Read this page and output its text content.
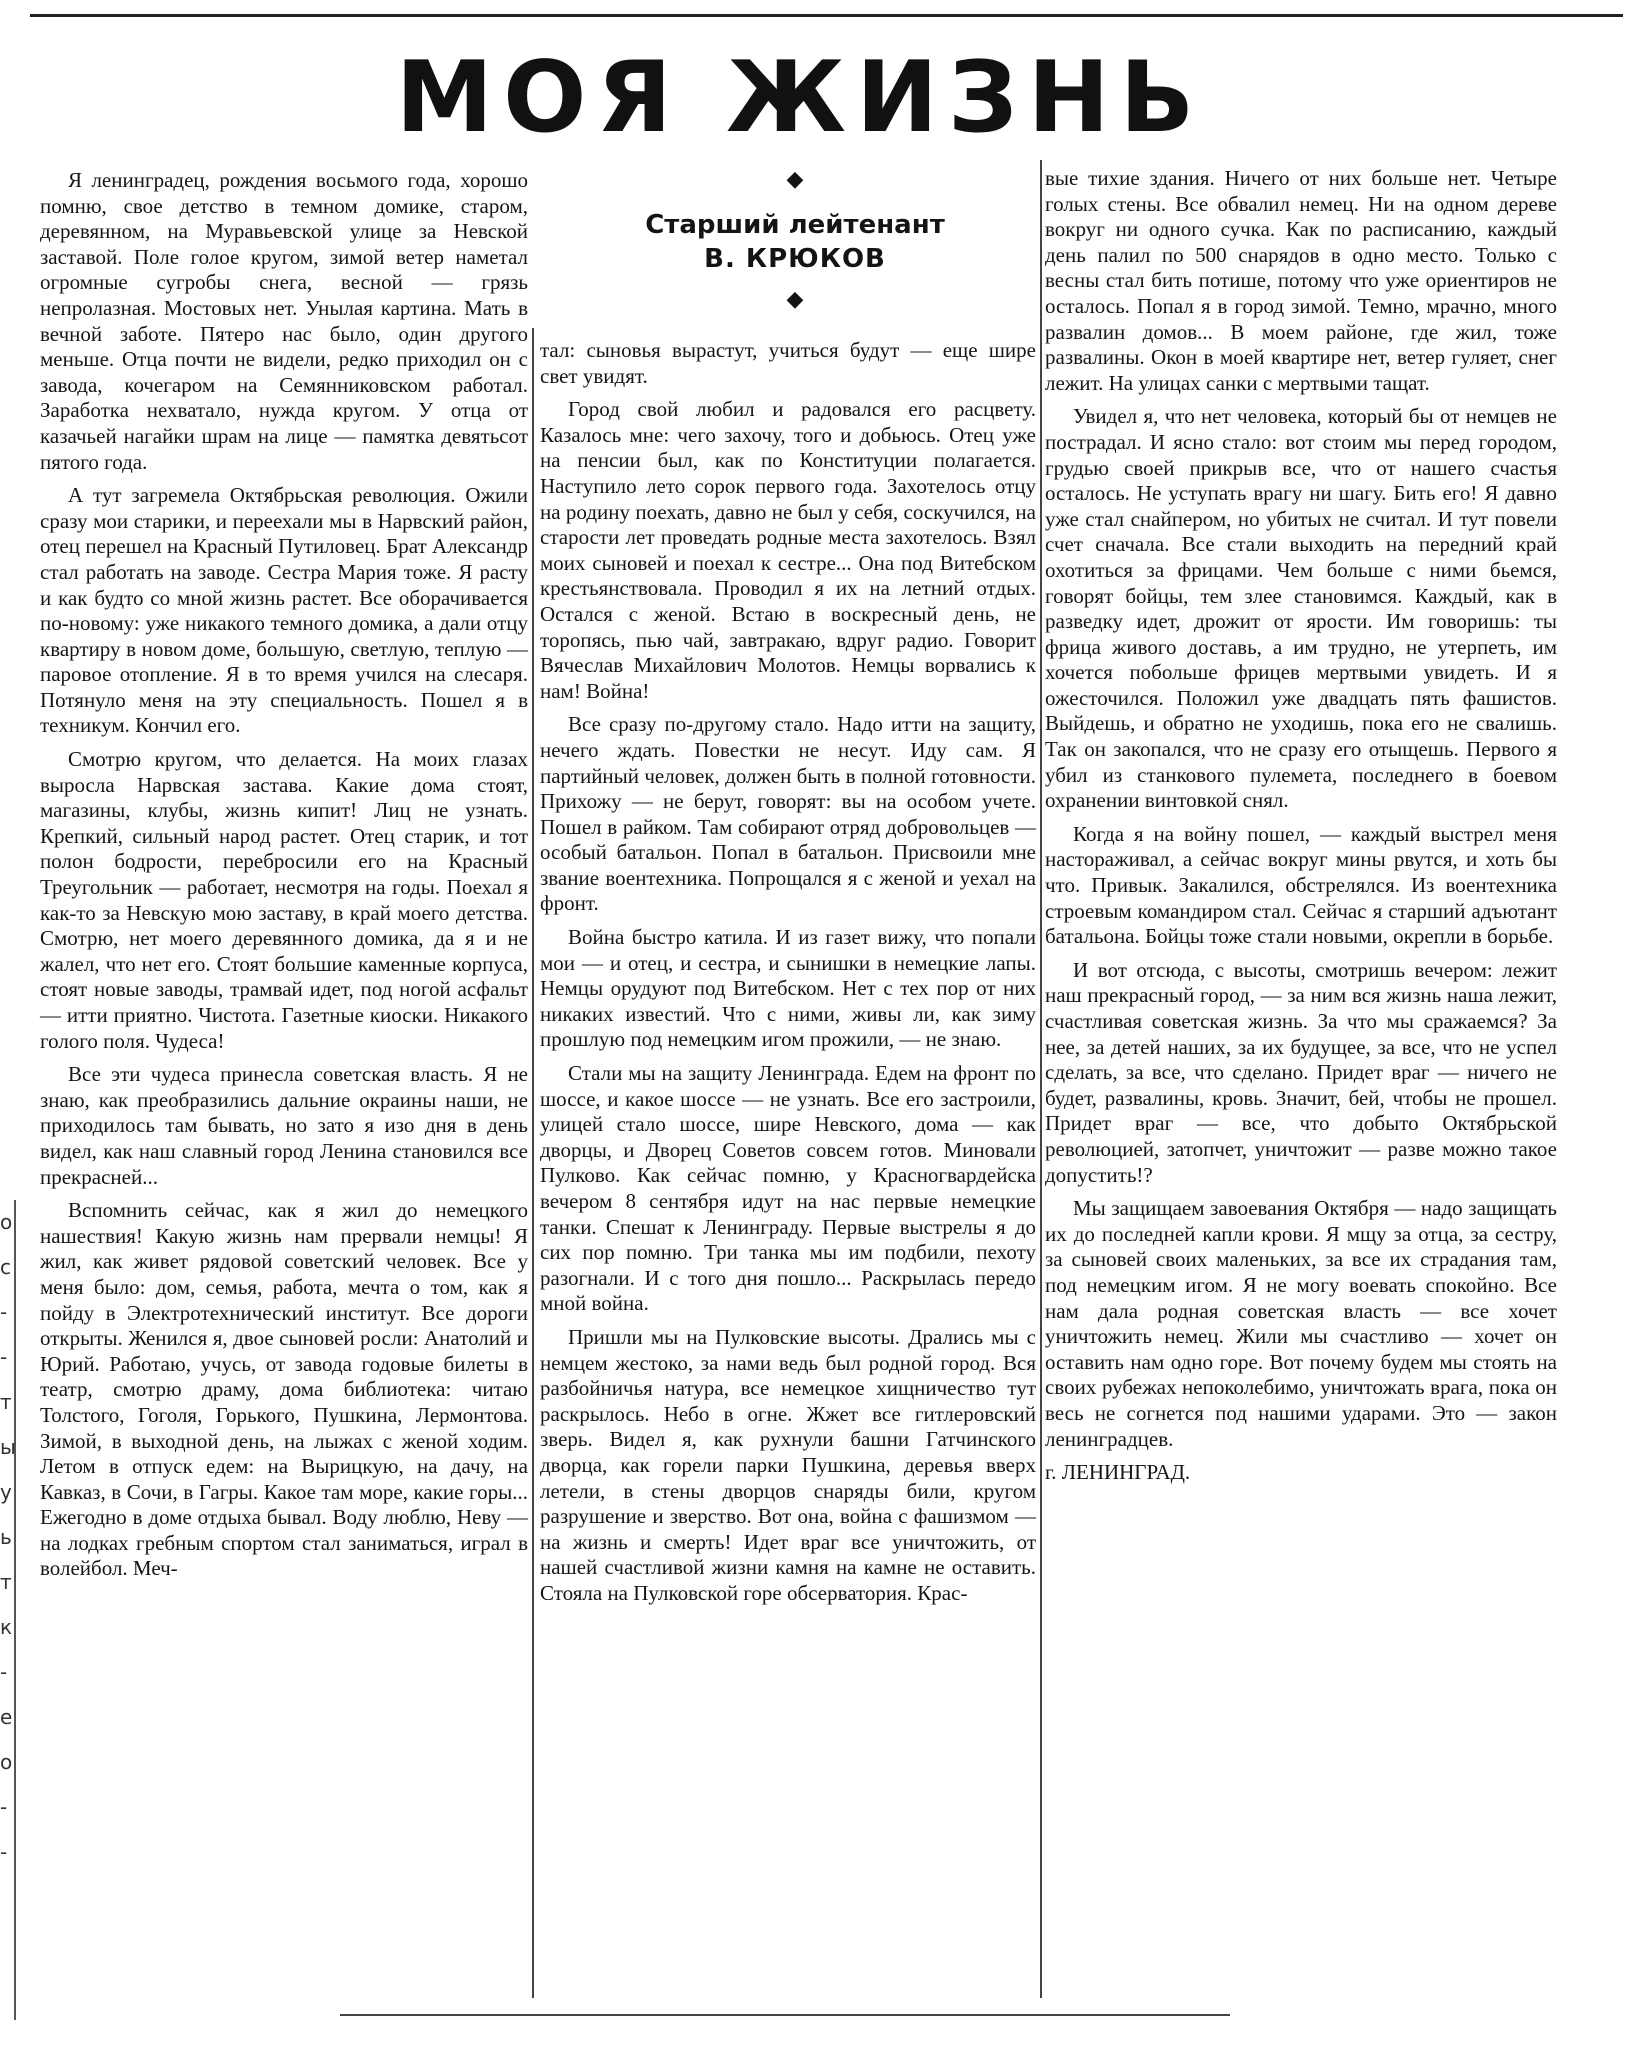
о
с
-
-
т
ы
у
ь
т
к
-
е
о
-
-
МОЯ ЖИЗНЬ
◆
Старший лейтенант
В. КРЮКОВ
◆

Я ленинградец, рождения восьмого года, хорошо помню, свое детство в темном домике, старом, деревянном, на Муравьевской улице за Невской заставой. Поле голое кругом, зимой ветер наметал огромные сугробы снега, весной — грязь непролазная. Мостовых нет. Унылая картина. Мать в вечной заботе. Пятеро нас было, один другого меньше. Отца почти не видели, редко приходил он с завода, кочегаром на Семянниковском работал. Заработка нехватало, нужда кругом. У отца от казачьей нагайки шрам на лице — памятка девятьсот пятого года.

А тут загремела Октябрьская революция. Ожили сразу мои старики, и переехали мы в Нарвский район, отец перешел на Красный Путиловец. Брат Александр стал работать на заводе. Сестра Мария тоже. Я расту и как будто со мной жизнь растет. Все оборачивается по-новому: уже никакого темного домика, а дали отцу квартиру в новом доме, большую, светлую, теплую — паровое отопление. Я в то время учился на слесаря. Потянуло меня на эту специальность. Пошел я в техникум. Кончил его.

Смотрю кругом, что делается. На моих глазах выросла Нарвская застава. Какие дома стоят, магазины, клубы, жизнь кипит! Лиц не узнать. Крепкий, сильный народ растет. Отец старик, и тот полон бодрости, перебросили его на Красный Треугольник — работает, несмотря на годы. Поехал я как-то за Невскую мою заставу, в край моего детства. Смотрю, нет моего деревянного домика, да я и не жалел, что нет его. Стоят большие каменные корпуса, стоят новые заводы, трамвай идет, под ногой асфальт — итти приятно. Чистота. Газетные киоски. Никакого голого поля. Чудеса!

Все эти чудеса принесла советская власть. Я не знаю, как преобразились дальние окраины наши, не приходилось там бывать, но зато я изо дня в день видел, как наш славный город Ленина становился все прекрасней...

Вспомнить сейчас, как я жил до немецкого нашествия! Какую жизнь нам прервали немцы! Я жил, как живет рядовой советский человек. Все у меня было: дом, семья, работа, мечта о том, как я пойду в Электротехнический институт. Все дороги открыты. Женился я, двое сыновей росли: Анатолий и Юрий. Работаю, учусь, от завода годовые билеты в театр, смотрю драму, дома библиотека: читаю Толстого, Гоголя, Горького, Пушкина, Лермонтова. Зимой, в выходной день, на лыжах с женой ходим. Летом в отпуск едем: на Вырицкую, на дачу, на Кавказ, в Сочи, в Гагры. Какое там море, какие горы... Ежегодно в доме отдыха бывал. Воду люблю, Неву — на лодках гребным спортом стал заниматься, играл в волейбол. Меч-

тал: сыновья вырастут, учиться будут — еще шире свет увидят.

Город свой любил и радовался его расцвету. Казалось мне: чего захочу, того и добьюсь. Отец уже на пенсии был, как по Конституции полагается. Наступило лето сорок первого года. Захотелось отцу на родину поехать, давно не был у себя, соскучился, на старости лет проведать родные места захотелось. Взял моих сыновей и поехал к сестре... Она под Витебском крестьянствовала. Проводил я их на летний отдых. Остался с женой. Встаю в воскресный день, не торопясь, пью чай, завтракаю, вдруг радио. Говорит Вячеслав Михайлович Молотов. Немцы ворвались к нам! Война!

Все сразу по-другому стало. Надо итти на защиту, нечего ждать. Повестки не несут. Иду сам. Я партийный человек, должен быть в полной готовности. Прихожу — не берут, говорят: вы на особом учете. Пошел в райком. Там собирают отряд добровольцев — особый батальон. Попал в батальон. Присвоили мне звание воентехника. Попрощался я с женой и уехал на фронт.

Война быстро катила. И из газет вижу, что попали мои — и отец, и сестра, и сынишки в немецкие лапы. Немцы орудуют под Витебском. Нет с тех пор от них никаких известий. Что с ними, живы ли, как зиму прошлую под немецким игом прожили, — не знаю.

Стали мы на защиту Ленинграда. Едем на фронт по шоссе, и какое шоссе — не узнать. Все его застроили, улицей стало шоссе, шире Невского, дома — как дворцы, и Дворец Советов совсем готов. Миновали Пулково. Как сейчас помню, у Красногвардейска вечером 8 сентября идут на нас первые немецкие танки. Спешат к Ленинграду. Первые выстрелы я до сих пор помню. Три танка мы им подбили, пехоту разогнали. И с того дня пошло... Раскрылась передо мной война.

Пришли мы на Пулковские высоты. Дрались мы с немцем жестоко, за нами ведь был родной город. Вся разбойничья натура, все немецкое хищничество тут раскрылось. Небо в огне. Жжет все гитлеровский зверь. Видел я, как рухнули башни Гатчинского дворца, как горели парки Пушкина, деревья вверх летели, в стены дворцов снаряды били, кругом разрушение и зверство. Вот она, война с фашизмом — на жизнь и смерть! Идет враг все уничтожить, от нашей счастливой жизни камня на камне не оставить. Стояла на Пулковской горе обсерватория. Крас-

вые тихие здания. Ничего от них больше нет. Четыре голых стены. Все обвалил немец. Ни на одном дереве вокруг ни одного сучка. Как по расписанию, каждый день палил по 500 снарядов в одно место. Только с весны стал бить потише, потому что уже ориентиров не осталось. Попал я в город зимой. Темно, мрачно, много развалин домов... В моем районе, где жил, тоже развалины. Окон в моей квартире нет, ветер гуляет, снег лежит. На улицах санки с мертвыми тащат.

Увидел я, что нет человека, который бы от немцев не пострадал. И ясно стало: вот стоим мы перед городом, грудью своей прикрыв все, что от нашего счастья осталось. Не уступать врагу ни шагу. Бить его! Я давно уже стал снайпером, но убитых не считал. И тут повели счет сначала. Все стали выходить на передний край охотиться за фрицами. Чем больше с ними бьемся, говорят бойцы, тем злее становимся. Каждый, как в разведку идет, дрожит от ярости. Им говоришь: ты фрица живого доставь, а им трудно, не утерпеть, им хочется побольше фрицев мертвыми увидеть. И я ожесточился. Положил уже двадцать пять фашистов. Выйдешь, и обратно не уходишь, пока его не свалишь. Так он закопался, что не сразу его отыщешь. Первого я убил из станкового пулемета, последнего в боевом охранении винтовкой снял.

Когда я на войну пошел, — каждый выстрел меня настораживал, а сейчас вокруг мины рвутся, и хоть бы что. Привык. Закалился, обстрелялся. Из воентехника строевым командиром стал. Сейчас я старший адъютант батальона. Бойцы тоже стали новыми, окрепли в борьбе.

И вот отсюда, с высоты, смотришь вечером: лежит наш прекрасный город, — за ним вся жизнь наша лежит, счастливая советская жизнь. За что мы сражаемся? За нее, за детей наших, за их будущее, за все, что не успел сделать, за все, что сделано. Придет враг — ничего не будет, развалины, кровь. Значит, бей, чтобы не прошел. Придет враг — все, что добыто Октябрьской революцией, затопчет, уничтожит — разве можно такое допустить!?

Мы защищаем завоевания Октября — надо защищать их до последней капли крови. Я мщу за отца, за сестру, за сыновей своих маленьких, за все их страдания там, под немецким игом. Я не могу воевать спокойно. Все нам дала родная советская власть — все хочет уничтожить немец. Жили мы счастливо — хочет он оставить нам одно горе. Вот почему будем мы стоять на своих рубежах непоколебимо, уничтожать врага, пока он весь не согнется под нашими ударами. Это — закон ленинградцев.

г. ЛЕНИНГРАД.
